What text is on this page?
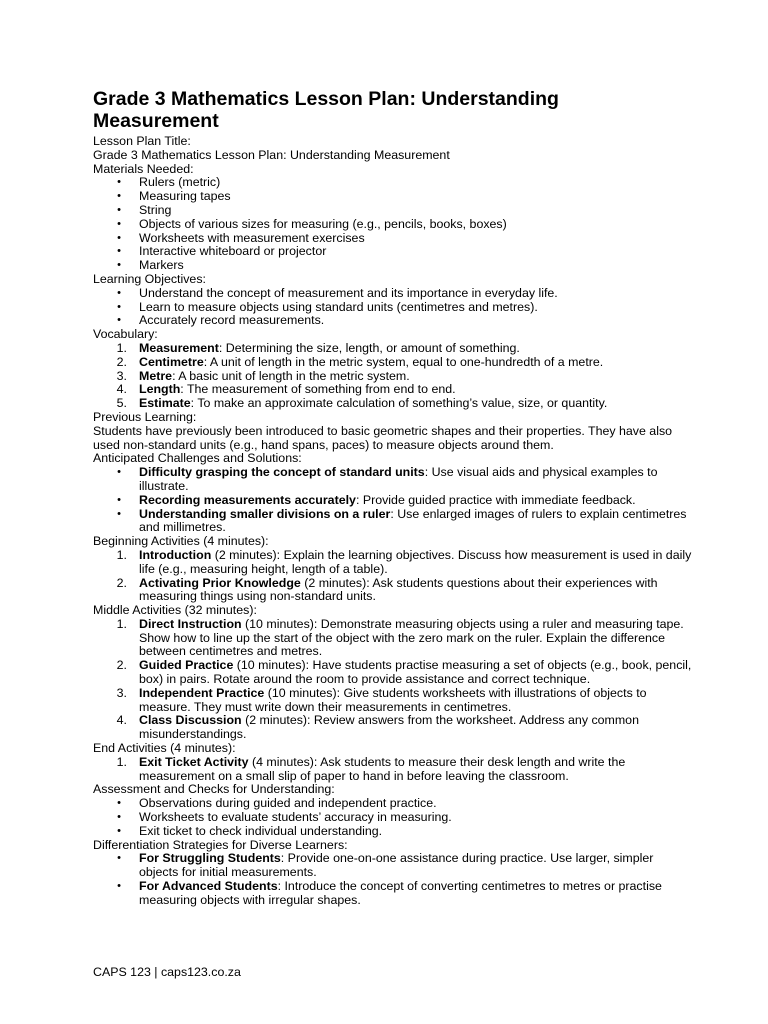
Grade 3 Mathematics Lesson Plan: Understanding Measurement
Lesson Plan Title:
Grade 3 Mathematics Lesson Plan: Understanding Measurement
Materials Needed:
• Rulers (metric)
• Measuring tapes
• String
• Objects of various sizes for measuring (e.g., pencils, books, boxes)
• Worksheets with measurement exercises
• Interactive whiteboard or projector
• Markers
Learning Objectives:
• Understand the concept of measurement and its importance in everyday life.
• Learn to measure objects using standard units (centimetres and metres).
• Accurately record measurements.
Vocabulary:
1. Measurement: Determining the size, length, or amount of something.
2. Centimetre: A unit of length in the metric system, equal to one-hundredth of a metre.
3. Metre: A basic unit of length in the metric system.
4. Length: The measurement of something from end to end.
5. Estimate: To make an approximate calculation of something’s value, size, or quantity.
Previous Learning:
Students have previously been introduced to basic geometric shapes and their properties. They have also used non-standard units (e.g., hand spans, paces) to measure objects around them.
Anticipated Challenges and Solutions:
• Difficulty grasping the concept of standard units: Use visual aids and physical examples to illustrate.
• Recording measurements accurately: Provide guided practice with immediate feedback.
• Understanding smaller divisions on a ruler: Use enlarged images of rulers to explain centimetres and millimetres.
Beginning Activities (4 minutes):
1. Introduction (2 minutes): Explain the learning objectives. Discuss how measurement is used in daily life (e.g., measuring height, length of a table).
2. Activating Prior Knowledge (2 minutes): Ask students questions about their experiences with measuring things using non-standard units.
Middle Activities (32 minutes):
1. Direct Instruction (10 minutes): Demonstrate measuring objects using a ruler and measuring tape. Show how to line up the start of the object with the zero mark on the ruler. Explain the difference between centimetres and metres.
2. Guided Practice (10 minutes): Have students practise measuring a set of objects (e.g., book, pencil, box) in pairs. Rotate around the room to provide assistance and correct technique.
3. Independent Practice (10 minutes): Give students worksheets with illustrations of objects to measure. They must write down their measurements in centimetres.
4. Class Discussion (2 minutes): Review answers from the worksheet. Address any common misunderstandings.
End Activities (4 minutes):
1. Exit Ticket Activity (4 minutes): Ask students to measure their desk length and write the measurement on a small slip of paper to hand in before leaving the classroom.
Assessment and Checks for Understanding:
• Observations during guided and independent practice.
• Worksheets to evaluate students’ accuracy in measuring.
• Exit ticket to check individual understanding.
Differentiation Strategies for Diverse Learners:
• For Struggling Students: Provide one-on-one assistance during practice. Use larger, simpler objects for initial measurements.
• For Advanced Students: Introduce the concept of converting centimetres to metres or practise measuring objects with irregular shapes.
CAPS 123 | caps123.co.za
